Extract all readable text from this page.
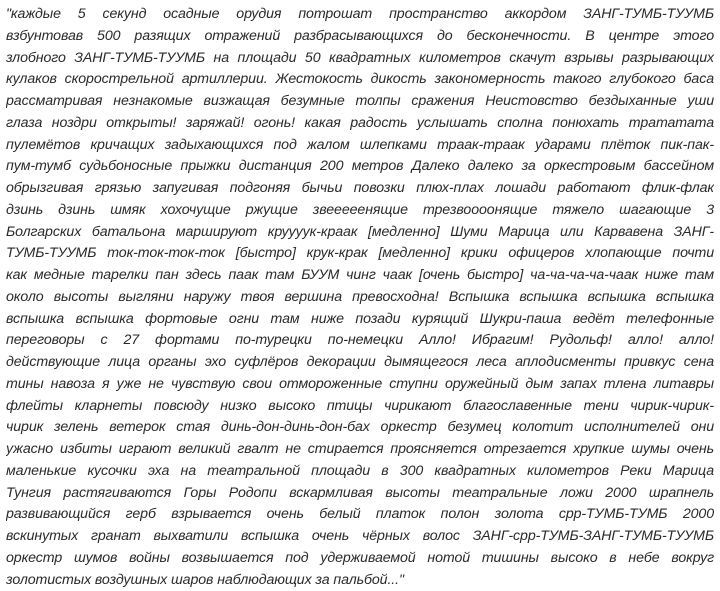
"каждые 5 секунд осадные орудия потрошат пространство аккордом ЗАНГ-ТУМБ-ТУУМБ
взбунтовав 500 разящих отражений разбрасывающихся до бесконечности. В центре этого
злобного ЗАНГ-ТУМБ-ТУУМБ на площади 50 квадратных километров скачут взрывы разрывающих
кулаков скорострельной артиллерии. Жестокость дикость закономерность такого глубокого баса
рассматривая незнакомые визжащая безумные толпы сражения Неистовство бездыханные уши
глаза ноздри открыты! заряжай! огонь! какая радость услышать сполна понюхать трататата
пулемётов кричащих задыхающихся под жалом шлепками траак-траак ударами плёток пик-пак-
пум-тумб судьбоносные прыжки дистанция 200 метров Далеко далеко за оркестровым бассейном
обрызгивая грязью запугивая подгоняя бычьи повозки плюх-плах лошади работают флик-флак
дзинь дзинь шмяк хохочущие ржущие звееееенящие трезвоооонящие тяжело шагающие 3
Болгарских батальона маршируют круууук-краак [медленно] Шуми Марица или Карвавена ЗАНГ-
ТУМБ-ТУУМБ ток-ток-ток-ток [быстро] крук-крак [медленно] крики офицеров хлопающие почти
как медные тарелки пан здесь паак там БУУМ чинг чаак [очень быстро] ча-ча-ча-ча-чаак ниже там
около высоты выгляни наружу твоя вершина превосходна! Вспышка вспышка вспышка вспышка
вспышка вспышка фортовые огни там ниже позади курящий Шукри-паша ведёт телефонные
переговоры с 27 фортами по-турецки по-немецки Алло! Ибрагим! Рудольф! алло! алло!
действующие лица органы эхо суфлёров декорации дымящегося леса аплодисменты привкус сена
тины навоза я уже не чувствую свои отмороженные ступни оружейный дым запах тлена литавры
флейты кларнеты повсюду низко высоко птицы чирикают благославенные тени чирик-чирик-
чирик зелень ветерок стая динь-дон-динь-дон-бах оркестр безумец колотит исполнителей они
ужасно избиты играют великий гвалт не стирается проясняется отрезается хрупкие шумы очень
маленькие кусочки эха на театральной площади в 300 квадратных километров Реки Марица
Тунгия растягиваются Горы Родопи вскармливая высоты театральные ложи 2000 шрапнель
развивающийся герб взрывается очень белый платок полон золота срр-ТУМБ-ТУМБ 2000
вскинутых гранат выхватили вспышка очень чёрных волос ЗАНГ-срр-ТУМБ-ЗАНГ-ТУМБ-ТУУМБ
оркестр шумов войны возвышается под удерживаемой нотой тишины высоко в небе вокруг
золотистых воздушных шаров наблюдающих за пальбой..."
